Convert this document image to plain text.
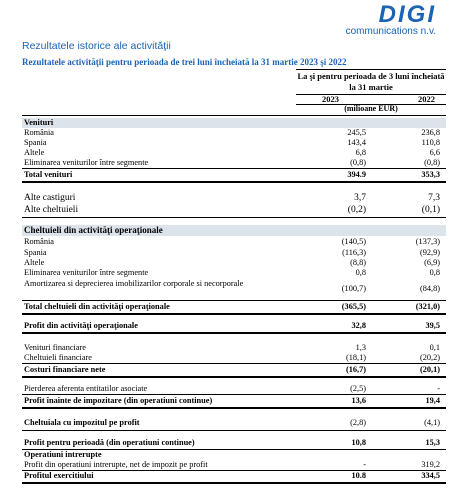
DIGI
communications n.v.
Rezultatele istorice ale activităţii
Rezultatele activităţii pentru perioada de trei luni încheiată la 31 martie 2023 şi 2022
La şi pentru perioada de 3 luni încheiată la 31 martie
2023	2022
(milioane EUR)
Venituri
România	245,5	236,8
Spania	143,4	110,8
Altele	6,8	6,6
Eliminarea veniturilor între segmente	(0,8)	(0,8)
Total venituri	394.9	353,3
Alte castiguri	3,7	7,3
Alte cheltuieli	(0,2)	(0,1)
Cheltuieli din activităţi operaţionale
România	(140,5)	(137,3)
Spania	(116,3)	(92,9)
Altele	(8,8)	(6,9)
Eliminarea veniturilor între segmente	0,8	0,8
Amortizarea si deprecierea imobilizarilor corporale si necorporale
(100,7)	(84,8)
Total cheltuieli din activităţi operaţionale	(365,5)	(321,0)
Profit din activităţi operaţionale	32,8	39,5
Venituri financiare	1,3	0,1
Cheltuieli financiare	(18,1)	(20,2)
Costuri financiare nete	(16,7)	(20,1)
Pierderea aferenta entitatilor asociate	(2,5)	-
Profit înainte de impozitare (din operatiuni continue)	13,6	19,4
Cheltuiala cu impozitul pe profit	(2,8)	(4,1)
Profit pentru perioadă (din operatiuni continue)	10,8	15,3
Operatiuni intrerupte
Profit din operatiuni intrerupte, net de impozit pe profit	-	319,2
Profitul exercitiului	10.8	334,5
